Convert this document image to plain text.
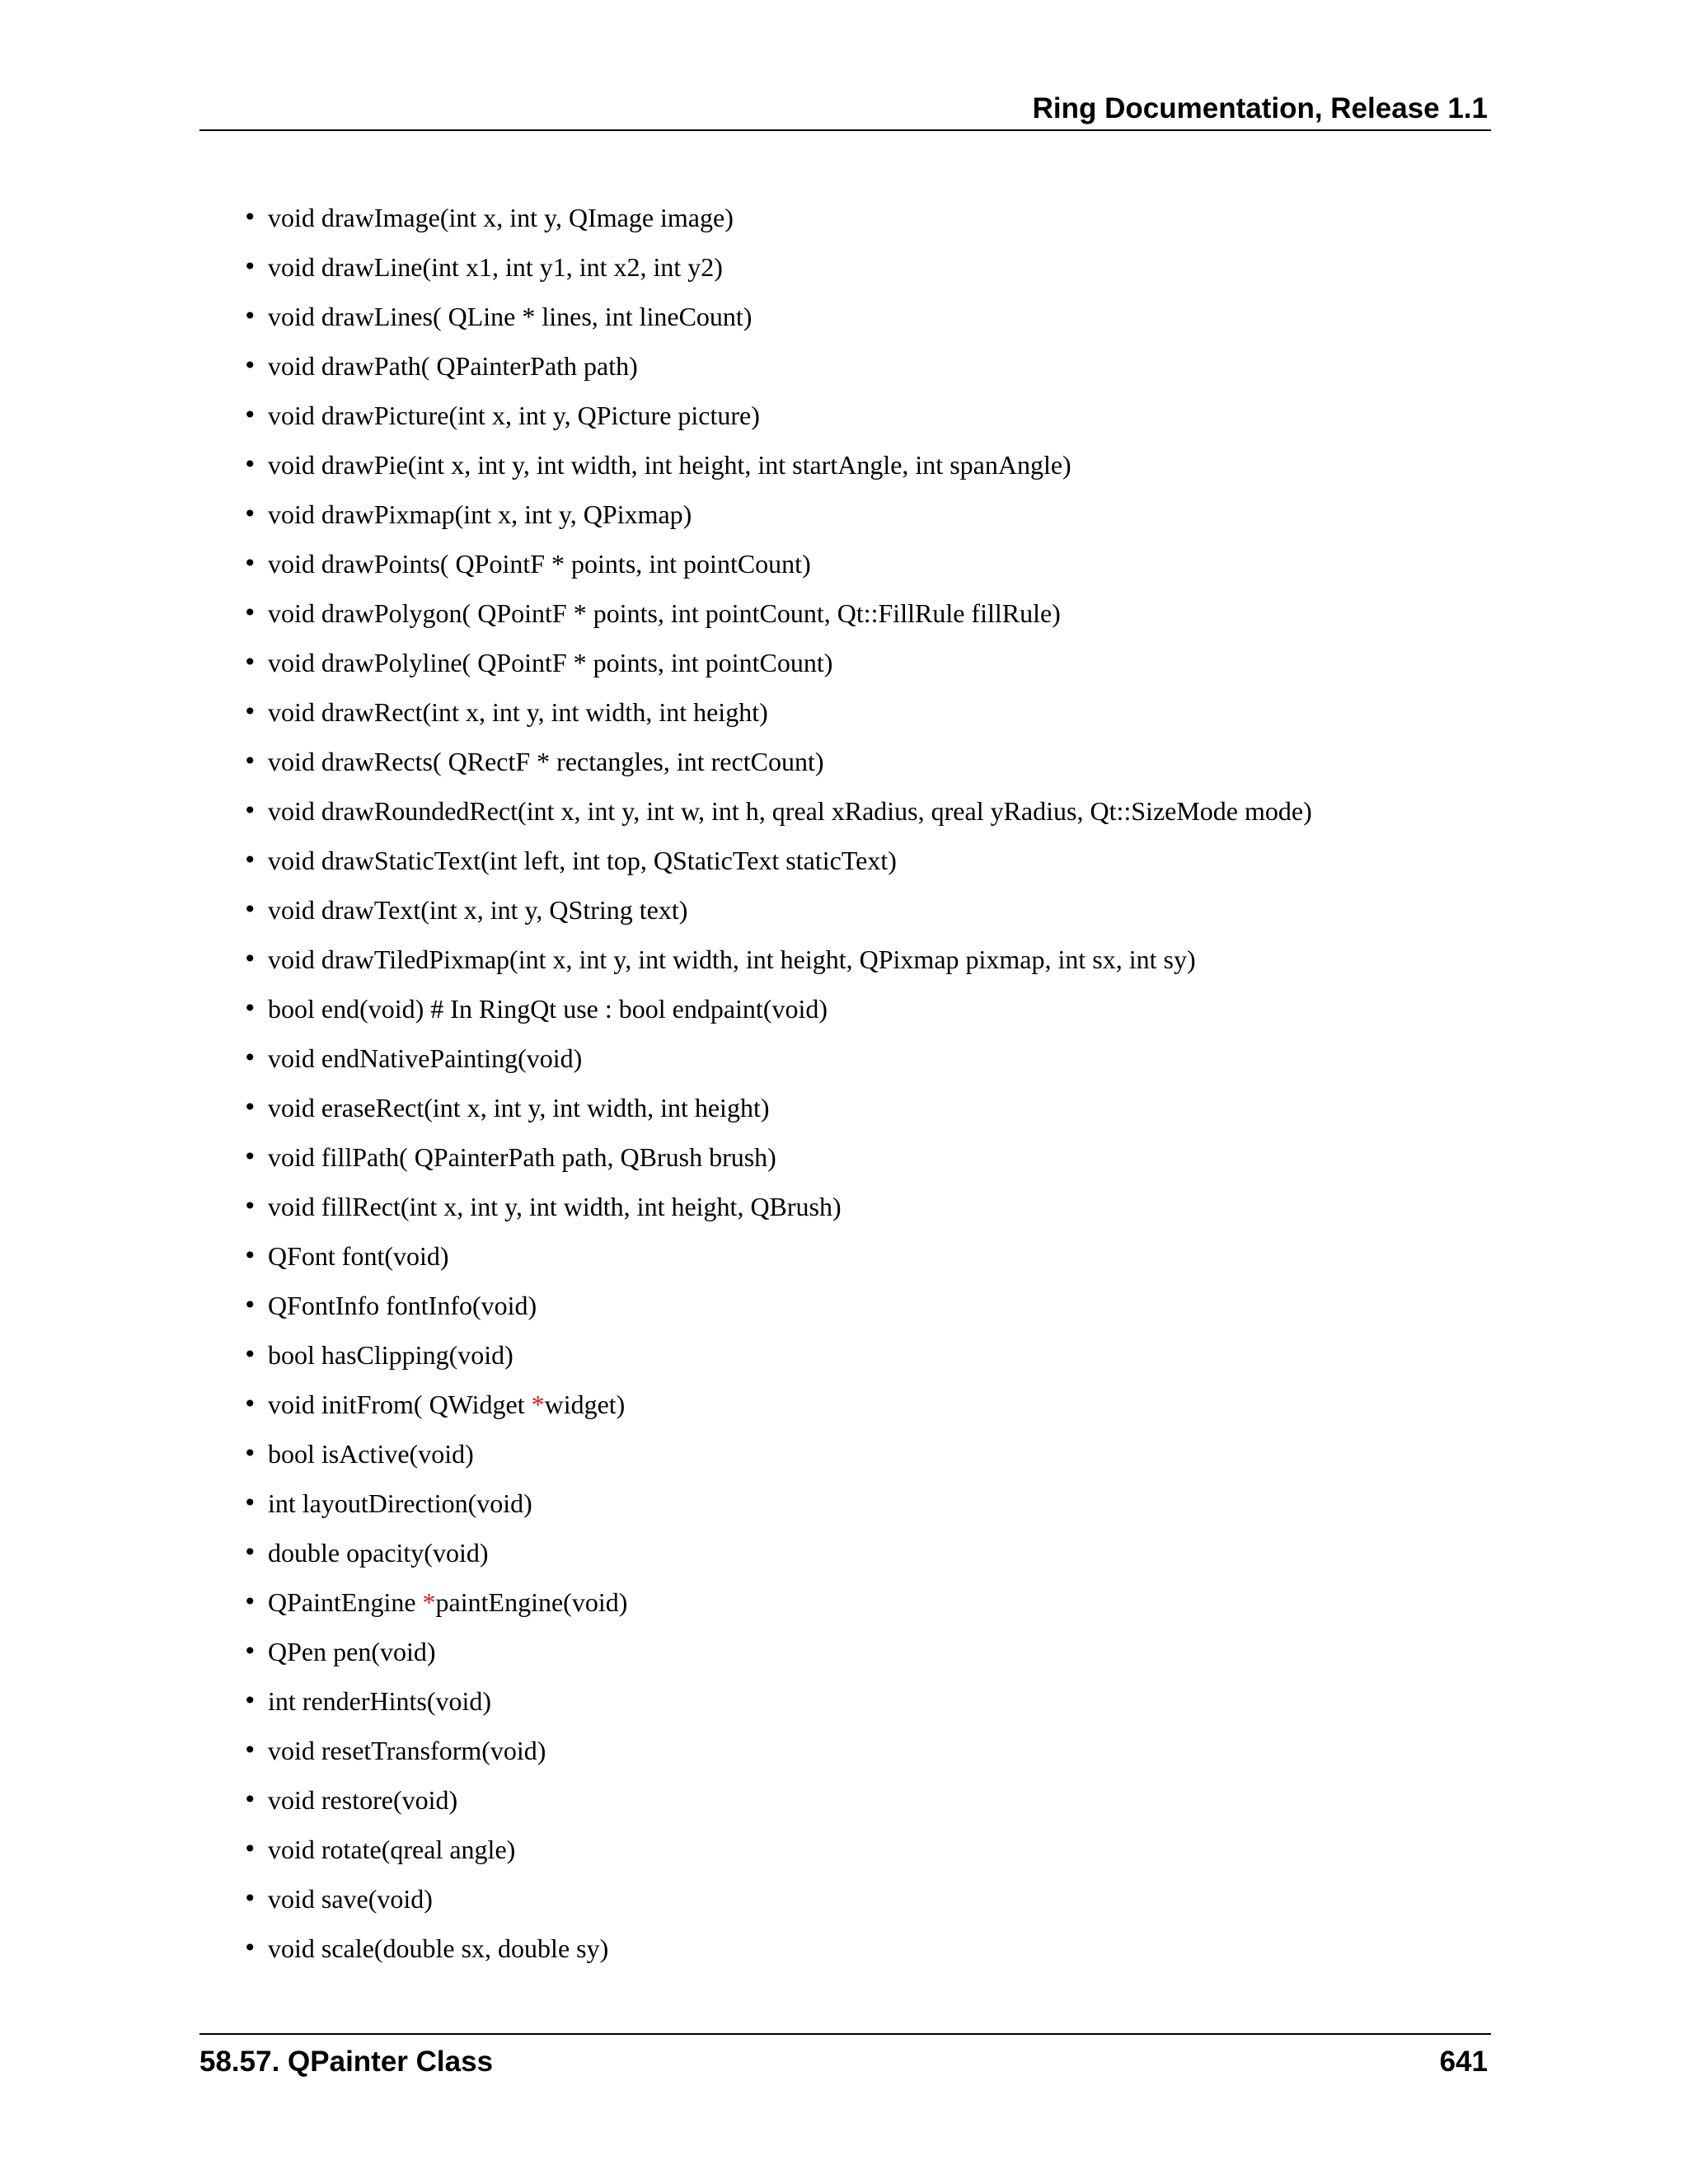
Ring Documentation, Release 1.1
• void drawImage(int x, int y, QImage image)
• void drawLine(int x1, int y1, int x2, int y2)
• void drawLines( QLine * lines, int lineCount)
• void drawPath( QPainterPath path)
• void drawPicture(int x, int y, QPicture picture)
• void drawPie(int x, int y, int width, int height, int startAngle, int spanAngle)
• void drawPixmap(int x, int y, QPixmap)
• void drawPoints( QPointF * points, int pointCount)
• void drawPolygon( QPointF * points, int pointCount, Qt::FillRule fillRule)
• void drawPolyline( QPointF * points, int pointCount)
• void drawRect(int x, int y, int width, int height)
• void drawRects( QRectF * rectangles, int rectCount)
• void drawRoundedRect(int x, int y, int w, int h, qreal xRadius, qreal yRadius, Qt::SizeMode mode)
• void drawStaticText(int left, int top, QStaticText staticText)
• void drawText(int x, int y, QString text)
• void drawTiledPixmap(int x, int y, int width, int height, QPixmap pixmap, int sx, int sy)
• bool end(void) # In RingQt use : bool endpaint(void)
• void endNativePainting(void)
• void eraseRect(int x, int y, int width, int height)
• void fillPath( QPainterPath path, QBrush brush)
• void fillRect(int x, int y, int width, int height, QBrush)
• QFont font(void)
• QFontInfo fontInfo(void)
• bool hasClipping(void)
• void initFrom( QWidget *widget)
• bool isActive(void)
• int layoutDirection(void)
• double opacity(void)
• QPaintEngine *paintEngine(void)
• QPen pen(void)
• int renderHints(void)
• void resetTransform(void)
• void restore(void)
• void rotate(qreal angle)
• void save(void)
• void scale(double sx, double sy)
58.57. QPainter Class	641
